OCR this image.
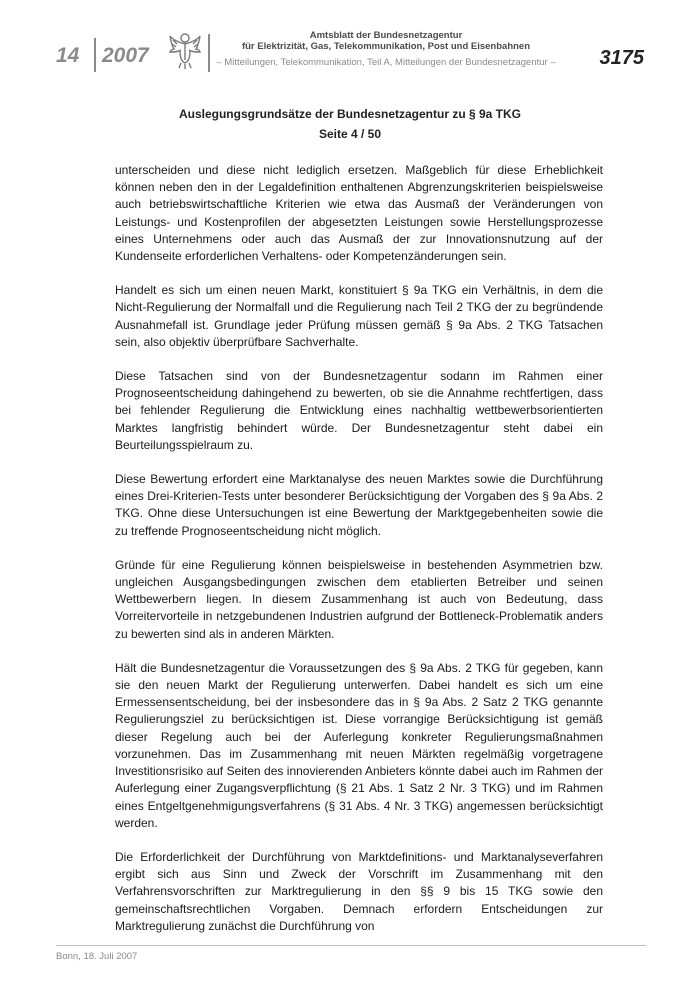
14 2007
Amtsblatt der Bundesnetzagentur
für Elektrizität, Gas, Telekommunikation, Post und Eisenbahnen
– Mitteilungen, Telekommunikation, Teil A, Mitteilungen der Bundesnetzagentur – 3175
Auslegungsgrundsätze der Bundesnetzagentur zu § 9a TKG
Seite 4 / 50

unterscheiden und diese nicht lediglich ersetzen. Maßgeblich für diese Erheblichkeit können neben den in der Legaldefinition enthaltenen Abgrenzungskriterien beispielsweise auch betriebswirtschaftliche Kriterien wie etwa das Ausmaß der Veränderungen von Leistungs- und Kostenprofilen der abgesetzten Leistungen sowie Herstellungsprozesse eines Unternehmens oder auch das Ausmaß der zur Innovationsnutzung auf der Kundenseite erforderlichen Verhaltens- oder Kompetenzänderungen sein.

Handelt es sich um einen neuen Markt, konstituiert § 9a TKG ein Verhältnis, in dem die Nicht-Regulierung der Normalfall und die Regulierung nach Teil 2 TKG der zu begründende Ausnahmefall ist. Grundlage jeder Prüfung müssen gemäß § 9a Abs. 2 TKG Tatsachen sein, also objektiv überprüfbare Sachverhalte.

Diese Tatsachen sind von der Bundesnetzagentur sodann im Rahmen einer Prognoseentscheidung dahingehend zu bewerten, ob sie die Annahme rechtfertigen, dass bei fehlender Regulierung die Entwicklung eines nachhaltig wettbewerbsorientierten Marktes langfristig behindert würde. Der Bundesnetzagentur steht dabei ein Beurteilungsspielraum zu.

Diese Bewertung erfordert eine Marktanalyse des neuen Marktes sowie die Durchführung eines Drei-Kriterien-Tests unter besonderer Berücksichtigung der Vorgaben des § 9a Abs. 2 TKG. Ohne diese Untersuchungen ist eine Bewertung der Marktgegebenheiten sowie die zu treffende Prognoseentscheidung nicht möglich.

Gründe für eine Regulierung können beispielsweise in bestehenden Asymmetrien bzw. ungleichen Ausgangsbedingungen zwischen dem etablierten Betreiber und seinen Wettbewerbern liegen. In diesem Zusammenhang ist auch von Bedeutung, dass Vorreitervorteile in netzgebundenen Industrien aufgrund der Bottleneck-Problematik anders zu bewerten sind als in anderen Märkten.

Hält die Bundesnetzagentur die Voraussetzungen des § 9a Abs. 2 TKG für gegeben, kann sie den neuen Markt der Regulierung unterwerfen. Dabei handelt es sich um eine Ermessensentscheidung, bei der insbesondere das in § 9a Abs. 2 Satz 2 TKG genannte Regulierungsziel zu berücksichtigen ist. Diese vorrangige Berücksichtigung ist gemäß dieser Regelung auch bei der Auferlegung konkreter Regulierungsmaßnahmen vorzunehmen. Das im Zusammenhang mit neuen Märkten regelmäßig vorgetragene Investitionsrisiko auf Seiten des innovierenden Anbieters könnte dabei auch im Rahmen der Auferlegung einer Zugangsverpflichtung (§ 21 Abs. 1 Satz 2 Nr. 3 TKG) und im Rahmen eines Entgeltgenehmigungsverfahrens (§ 31 Abs. 4 Nr. 3 TKG) angemessen berücksichtigt werden.

Die Erforderlichkeit der Durchführung von Marktdefinitions- und Marktanalyseverfahren ergibt sich aus Sinn und Zweck der Vorschrift im Zusammenhang mit den Verfahrensvorschriften zur Marktregulierung in den §§ 9 bis 15 TKG sowie den gemeinschaftsrechtlichen Vorgaben. Demnach erfordern Entscheidungen zur Marktregulierung zunächst die Durchführung von

Bonn, 18. Juli 2007
